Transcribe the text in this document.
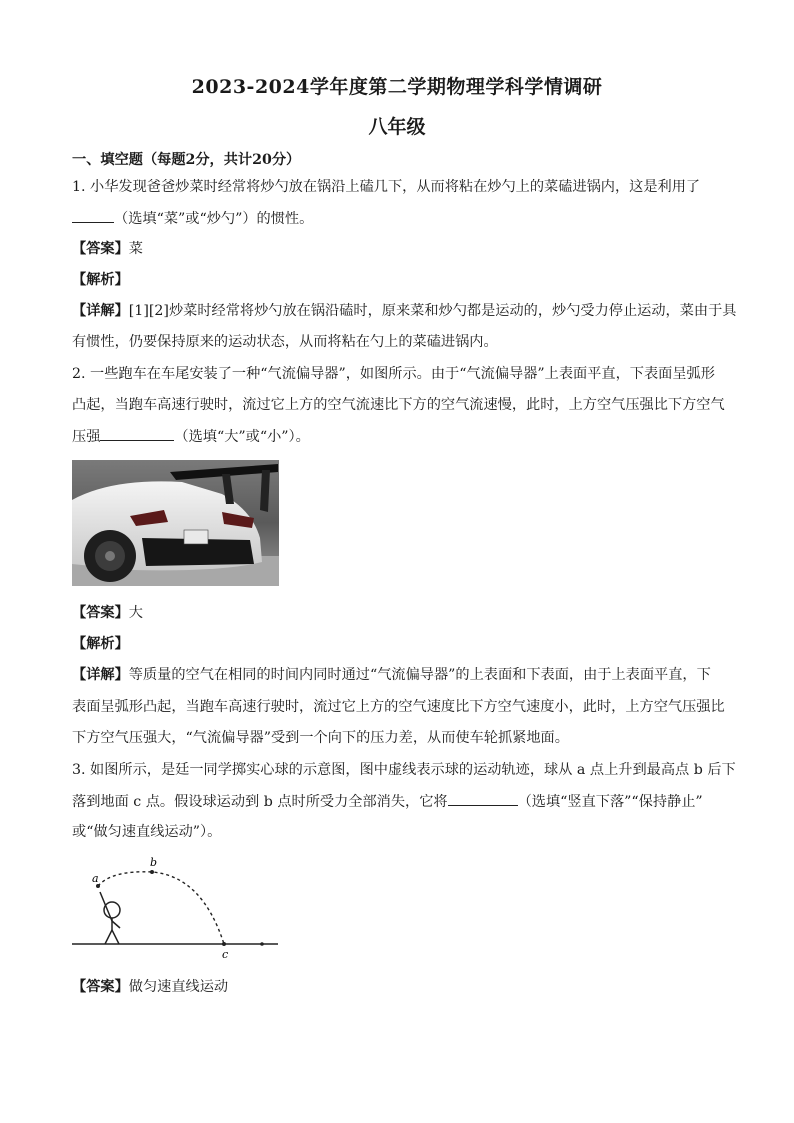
2023-2024学年度第二学期物理学科学情调研
八年级
一、填空题（每题2分，共计20分）
1. 小华发现爸爸炒菜时经常将炒勺放在锅沿上磕几下，从而将粘在炒勺上的菜磕进锅内，这是利用了
（选填“菜”或“炒勺”）的惯性。
【答案】菜
【解析】
【详解】[1][2]炒菜时经常将炒勺放在锅沿磕时，原来菜和炒勺都是运动的，炒勺受力停止运动，菜由于具
有惯性，仍要保持原来的运动状态，从而将粘在勺上的菜磕进锅内。
2. 一些跑车在车尾安装了一种“气流偏导器”，如图所示。由于“气流偏导器”上表面平直，下表面呈弧形
凸起，当跑车高速行驶时，流过它上方的空气流速比下方的空气流速慢，此时，上方空气压强比下方空气
压强	（选填“大”或“小”）。
【答案】大
【解析】
【详解】等质量的空气在相同的时间内同时通过“气流偏导器”的上表面和下表面，由于上表面平直，下
表面呈弧形凸起，当跑车高速行驶时，流过它上方的空气速度比下方空气速度小，此时，上方空气压强比
下方空气压强大，“气流偏导器”受到一个向下的压力差，从而使车轮抓紧地面。
3. 如图所示，是廷一同学掷实心球的示意图，图中虚线表示球的运动轨迹，球从 a 点上升到最高点 b 后下
落到地面 c 点。假设球运动到 b 点时所受力全部消失，它将	（选填“竖直下落”“保持静止”
或“做匀速直线运动”）。
a
b
c
【答案】做匀速直线运动
